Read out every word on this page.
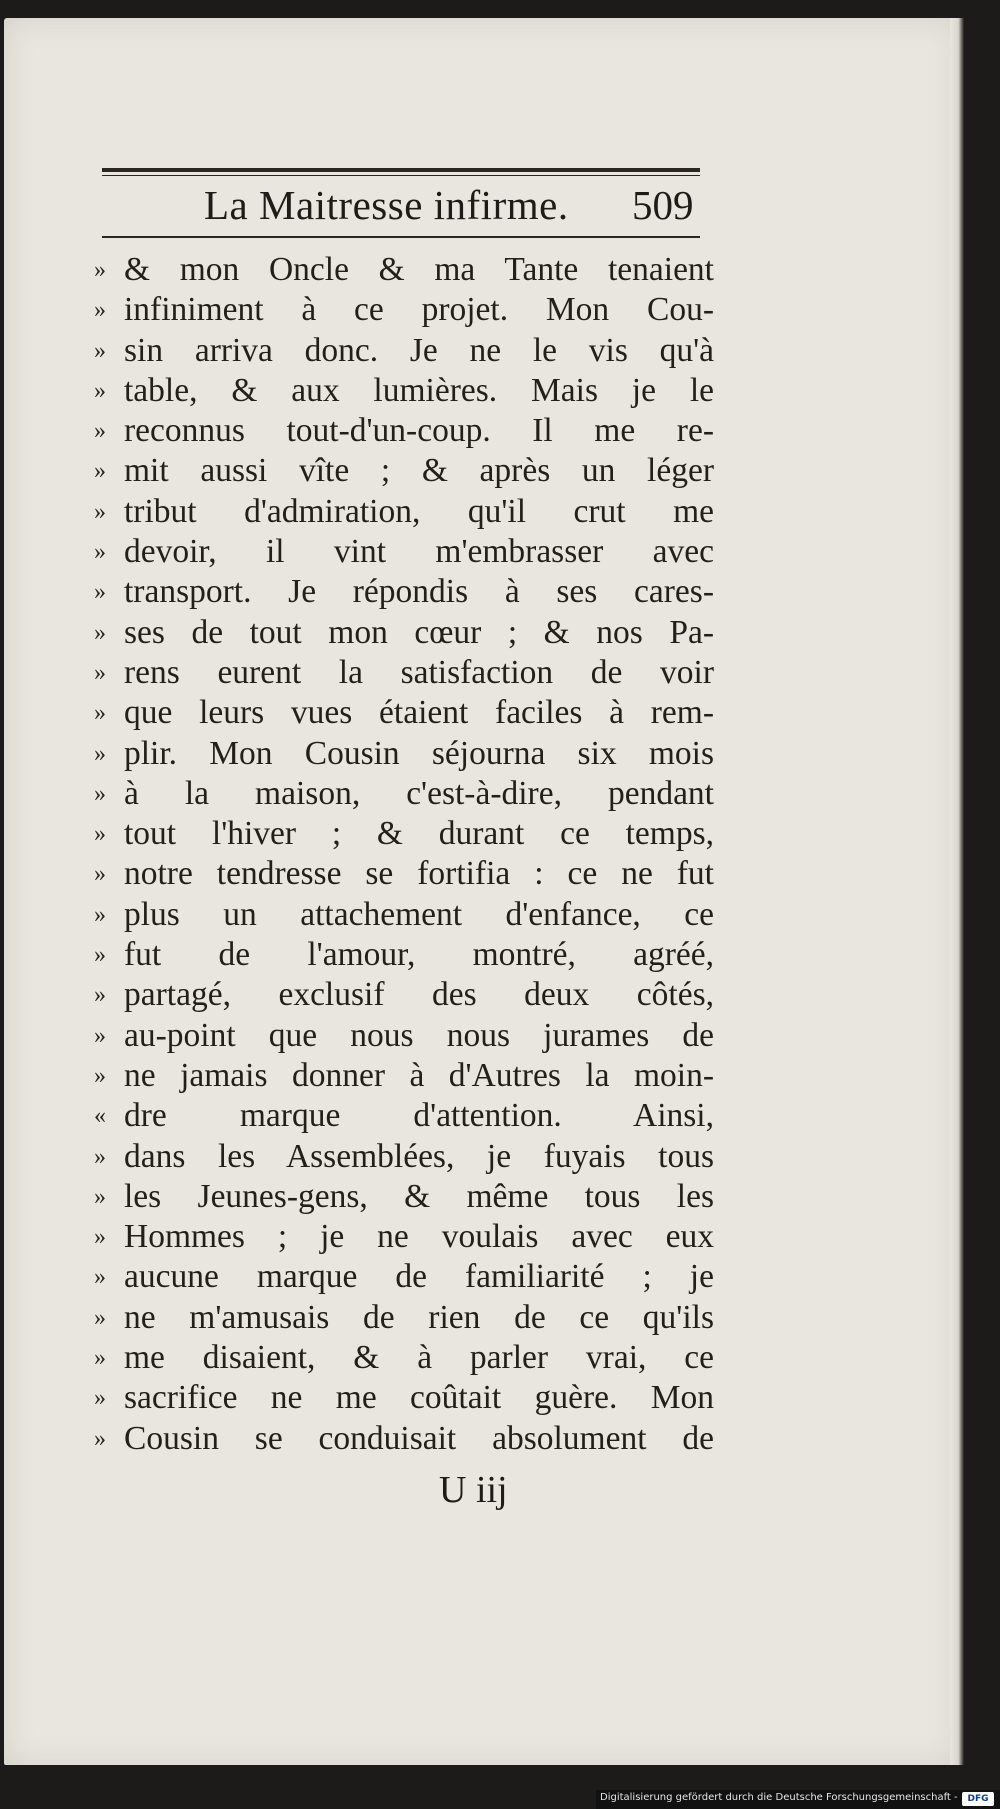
La Maitresse infirme.	509
» & mon Oncle & ma Tante tenaient
» infiniment à ce projet. Mon Cou-
» sin arriva donc. Je ne le vis qu'à
» table, & aux lumières. Mais je le
» reconnus tout-d'un-coup. Il me re-
» mit aussi vîte ; & après un léger
» tribut d'admiration, qu'il crut me
» devoir, il vint m'embrasser avec
» transport. Je répondis à ses cares-
» ses de tout mon cœur ; & nos Pa-
» rens eurent la satisfaction de voir
» que leurs vues étaient faciles à rem-
» plir. Mon Cousin séjourna six mois
» à la maison, c'est-à-dire, pendant
» tout l'hiver ; & durant ce temps,
» notre tendresse se fortifia : ce ne fut
» plus un attachement d'enfance, ce
» fut de l'amour, montré, agréé,
» partagé, exclusif des deux côtés,
» au-point que nous nous jurames de
» ne jamais donner à d'Autres la moin-
« dre marque d'attention. Ainsi,
» dans les Assemblées, je fuyais tous
» les Jeunes-gens, & même tous les
» Hommes ; je ne voulais avec eux
» aucune marque de familiarité ; je
» ne m'amusais de rien de ce qu'ils
» me disaient, & à parler vrai, ce
» sacrifice ne me coûtait guère. Mon
» Cousin se conduisait absolument de
U iij
Digitalisierung gefördert durch die Deutsche Forschungsgemeinschaft -	DFG
